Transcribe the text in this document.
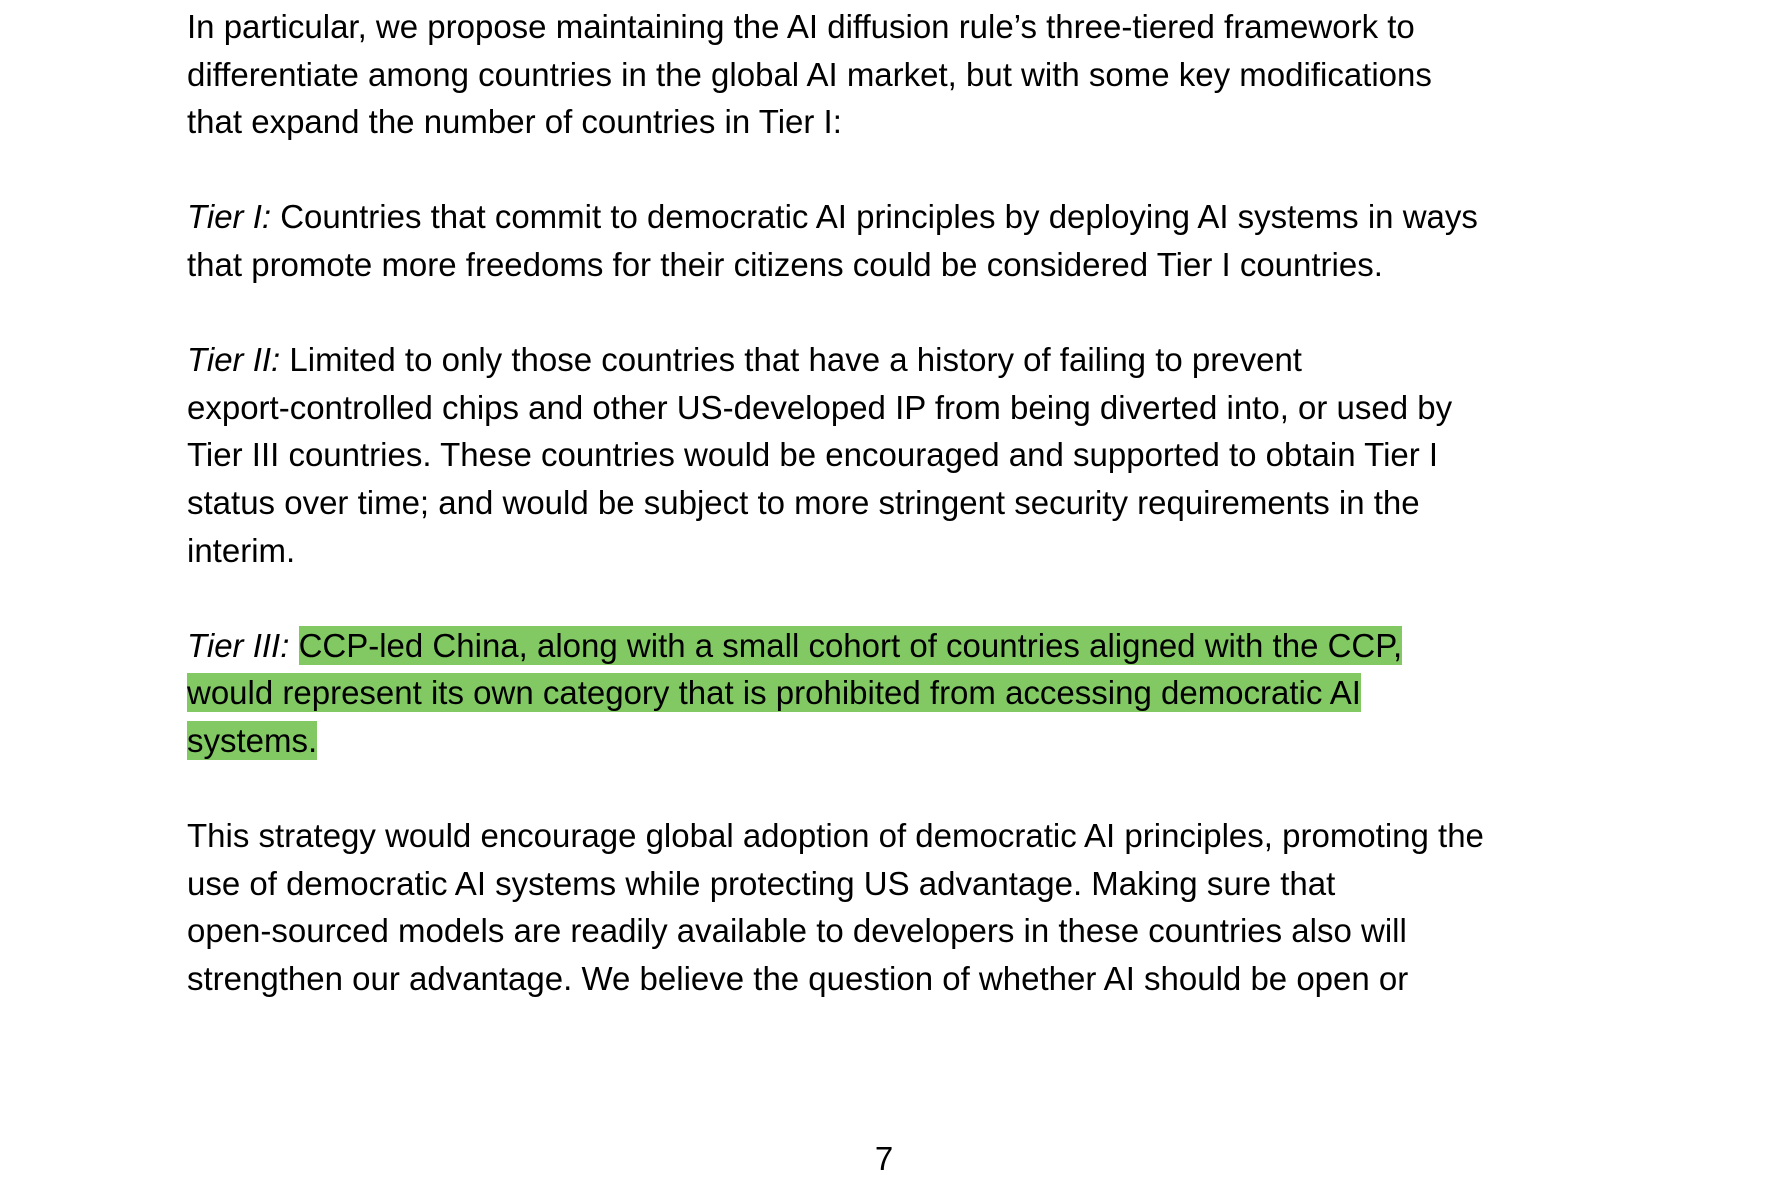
In particular, we propose maintaining the AI diffusion rule’s three-tiered framework to
differentiate among countries in the global AI market, but with some key modifications
that expand the number of countries in Tier I:

Tier I: Countries that commit to democratic AI principles by deploying AI systems in ways
that promote more freedoms for their citizens could be considered Tier I countries.

Tier II: Limited to only those countries that have a history of failing to prevent
export-controlled chips and other US-developed IP from being diverted into, or used by
Tier III countries. These countries would be encouraged and supported to obtain Tier I
status over time; and would be subject to more stringent security requirements in the
interim.

Tier III: CCP-led China, along with a small cohort of countries aligned with the CCP,
would represent its own category that is prohibited from accessing democratic AI
systems.

This strategy would encourage global adoption of democratic AI principles, promoting the
use of democratic AI systems while protecting US advantage. Making sure that
open-sourced models are readily available to developers in these countries also will
strengthen our advantage. We believe the question of whether AI should be open or

7
